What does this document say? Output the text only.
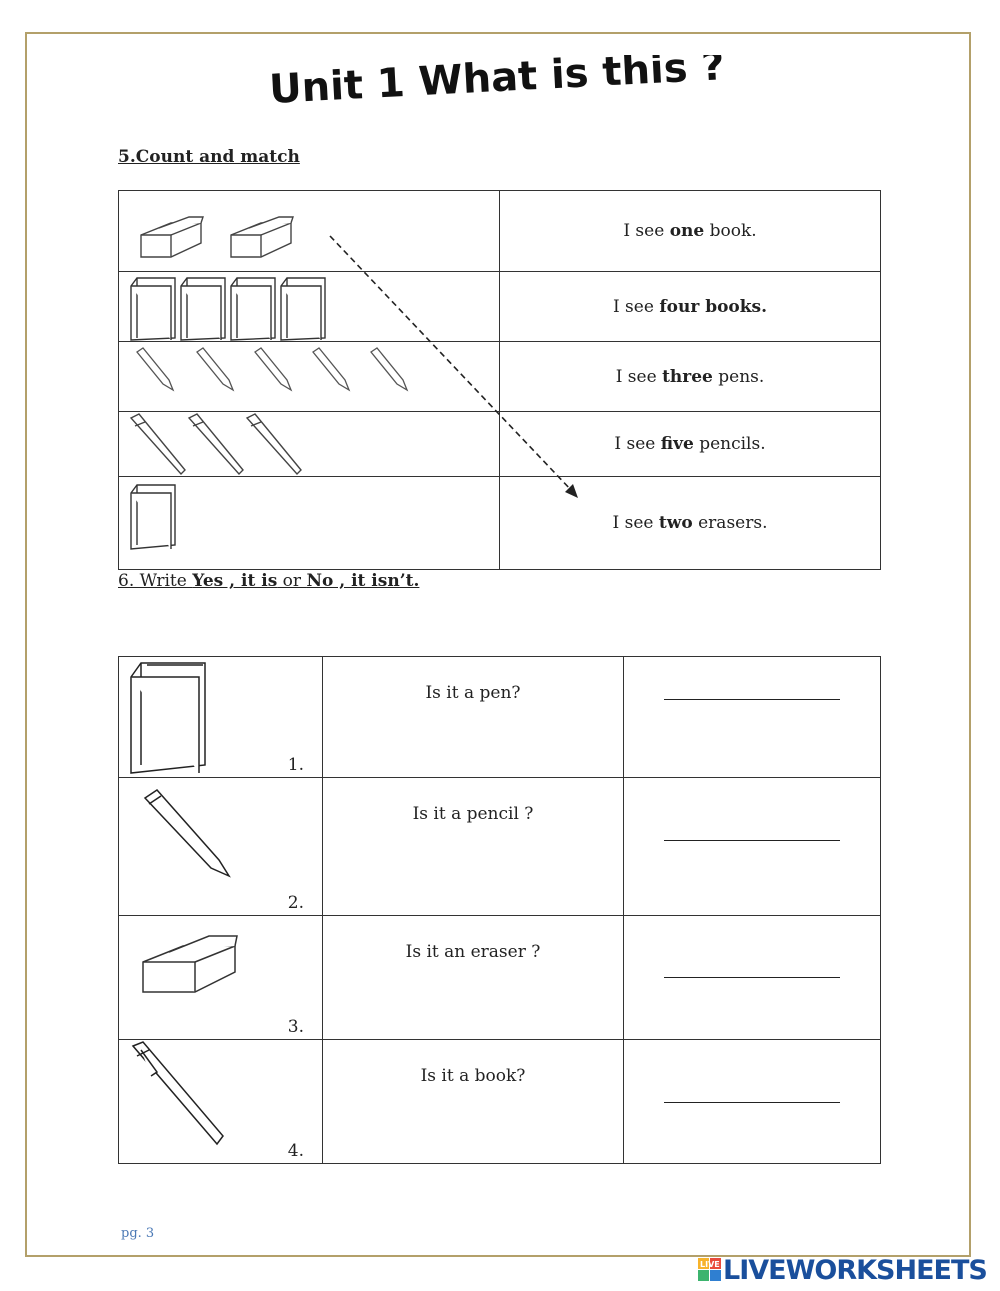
Unit 1 What is this ?
5.Count and match
	I see one book.

	I see four books.

	I see three pens.

	I see five pencils.

	I see two erasers.
6. Write Yes , it is or No , it isn’t.
1.	Is it a pen?	

2.	Is it a pencil ?	

3.	Is it an eraser ?	

4.	Is it a book?	
pg. 3
LIVE LIVEWORKSHEETS
